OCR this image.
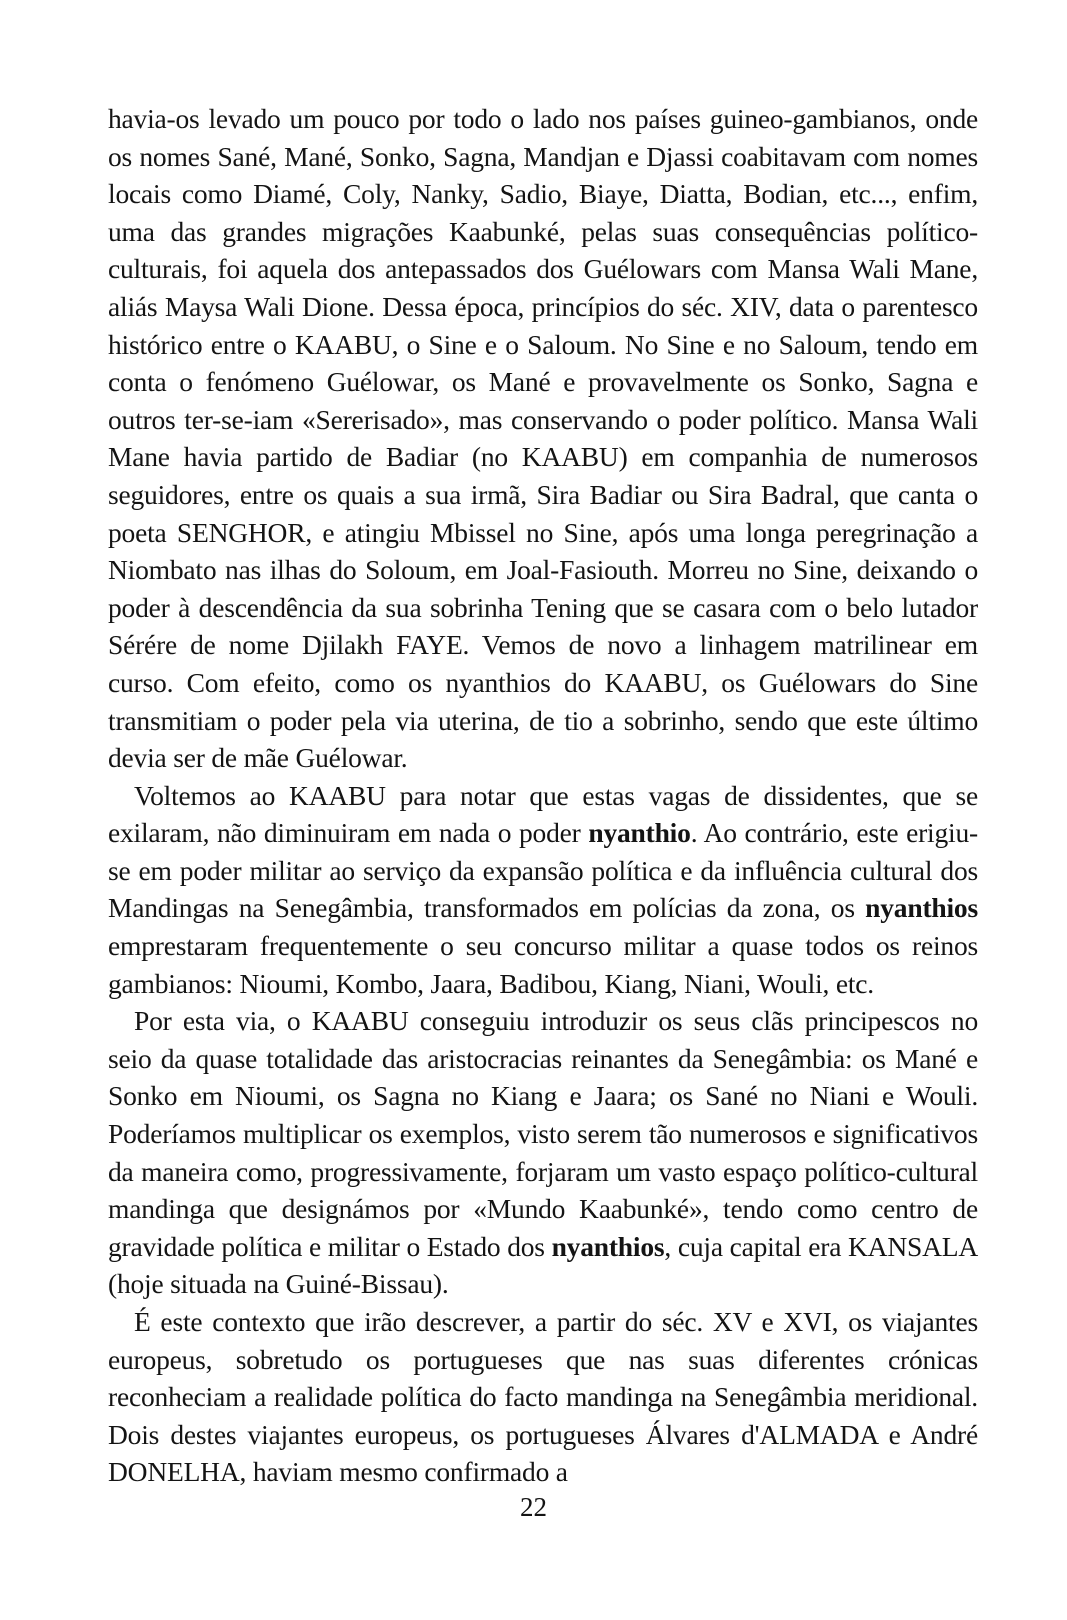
havia-os levado um pouco por todo o lado nos países guineo-gambianos, onde os nomes Sané, Mané, Sonko, Sagna, Mandjan e Djassi coabitavam com nomes locais como Diamé, Coly, Nanky, Sadio, Biaye, Diatta, Bodian, etc..., enfim, uma das grandes migrações Kaabunké, pelas suas consequências político-culturais, foi aquela dos antepassados dos Guélowars com Mansa Wali Mane, aliás Maysa Wali Dione. Dessa época, princípios do séc. XIV, data o parentesco histórico entre o KAABU, o Sine e o Saloum. No Sine e no Saloum, tendo em conta o fenómeno Guélowar, os Mané e provavelmente os Sonko, Sagna e outros ter-se-iam «Sererisado», mas conservando o poder político. Mansa Wali Mane havia partido de Badiar (no KAABU) em companhia de numerosos seguidores, entre os quais a sua irmã, Sira Badiar ou Sira Badral, que canta o poeta SENGHOR, e atingiu Mbissel no Sine, após uma longa peregrinação a Niombato nas ilhas do Soloum, em Joal-Fasiouth. Morreu no Sine, deixando o poder à descendência da sua sobrinha Tening que se casara com o belo lutador Sérére de nome Djilakh FAYE. Vemos de novo a linhagem matrilinear em curso. Com efeito, como os nyanthios do KAABU, os Guélowars do Sine transmitiam o poder pela via uterina, de tio a sobrinho, sendo que este último devia ser de mãe Guélowar.

Voltemos ao KAABU para notar que estas vagas de dissidentes, que se exilaram, não diminuiram em nada o poder nyanthio. Ao contrário, este erigiu-se em poder militar ao serviço da expansão política e da influência cultural dos Mandingas na Senegâmbia, transformados em polícias da zona, os nyanthios emprestaram frequentemente o seu concurso militar a quase todos os reinos gambianos: Nioumi, Kombo, Jaara, Badibou, Kiang, Niani, Wouli, etc.

Por esta via, o KAABU conseguiu introduzir os seus clãs principescos no seio da quase totalidade das aristocracias reinantes da Senegâmbia: os Mané e Sonko em Nioumi, os Sagna no Kiang e Jaara; os Sané no Niani e Wouli. Poderíamos multiplicar os exemplos, visto serem tão numerosos e significativos da maneira como, progressivamente, forjaram um vasto espaço político-cultural mandinga que designámos por «Mundo Kaabunké», tendo como centro de gravidade política e militar o Estado dos nyanthios, cuja capital era KANSALA (hoje situada na Guiné-Bissau).

É este contexto que irão descrever, a partir do séc. XV e XVI, os viajantes europeus, sobretudo os portugueses que nas suas diferentes crónicas reconheciam a realidade política do facto mandinga na Senegâmbia meridional. Dois destes viajantes europeus, os portugueses Álvares d'ALMADA e André DONELHA, haviam mesmo confirmado a

22
